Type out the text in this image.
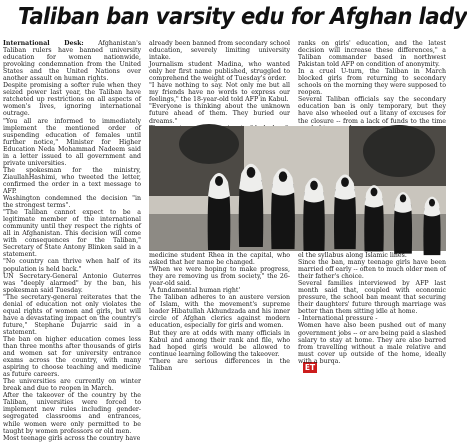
Taliban ban varsity edu for Afghan lady

International Desk: Afghanistan's Taliban rulers have banned university education for women nationwide, provoking condemnation from the United States and the United Nations over another assault on human rights.

Despite promising a softer rule when they seized power last year, the Taliban have ratcheted up restrictions on all aspects of women's lives, ignoring international outrage.

"You all are informed to immediately implement the mentioned order of suspending education of females until further notice," Minister for Higher Education Neda Mohammad Nadeem said in a letter issued to all government and private universities.

The spokesman for the ministry, ZiaullahHashimi, who tweeted the letter, confirmed the order in a text message to AFP.

Washington condemned the decision "in the strongest terms".

"The Taliban cannot expect to be a legitimate member of the international community until they respect the rights of all in Afghanistan. This decision will come with consequences for the Taliban," Secretary of State Antony Blinken said in a statement.

"No country can thrive when half of its population is held back."

UN Secretary-General Antonio Guterres was "deeply alarmed" by the ban, his spokesman said Tuesday.

"The secretary-general reiterates that the denial of education not only violates the equal rights of women and girls, but will have a devastating impact on the country's future," Stephane Dujarric said in a statement.

The ban on higher education comes less than three months after thousands of girls and women sat for university entrance exams across the country, with many aspiring to choose teaching and medicine as future careers.

The universities are currently on winter break and due to reopen in March.

After the takeover of the country by the Taliban, universities were forced to implement new rules including gender-segregated classrooms and entrances, while women were only permitted to be taught by women professors or old men.

Most teenage girls across the country have

already been banned from secondary school education, severely limiting university intake.

Journalism student Madina, who wanted only her first name published, struggled to comprehend the weight of Tuesday's order.

"I have nothing to say. Not only me but all my friends have no words to express our feelings," the 18-year-old told AFP in Kabul.

"Everyone is thinking about the unknown future ahead of them. They buried our dreams."

ranks on girls' education, and the latest decision will increase these differences," a Taliban commander based in northwest Pakistan told AFP on condition of anonymity.

In a cruel U-turn, the Taliban in March blocked girls from returning to secondary schools on the morning they were supposed to reopen.

Several Taliban officials say the secondary education ban is only temporary, but they have also wheeled out a litany of excuses for the closure -- from a lack of funds to the time

ET

medicine student Rhea in the capital, who asked that her name be changed.

"When we were hoping to make progress, they are removing us from society," the 26-year-old said.

'A fundamental human right'

The Taliban adheres to an austere version of Islam, with the movement's supreme leader Hibatullah Akhundzada and his inner circle of Afghan clerics against modern education, especially for girls and women.

But they are at odds with many officials in Kabul and among their rank and file, who had hoped girls would be allowed to continue learning following the takeover.

"There are serious differences in the Taliban

el the syllabus along Islamic lines.

Since the ban, many teenage girls have been married off early -- often to much older men of their father's choice.

Several families interviewed by AFP last month said that, coupled with economic pressure, the school ban meant that securing their daughters' future through marriage was better than them sitting idle at home.

- International pressure -

Women have also been pushed out of many government jobs -- or are being paid a slashed salary to stay at home. They are also barred from travelling without a male relative and must cover up outside of the home, ideally with a burqa.
